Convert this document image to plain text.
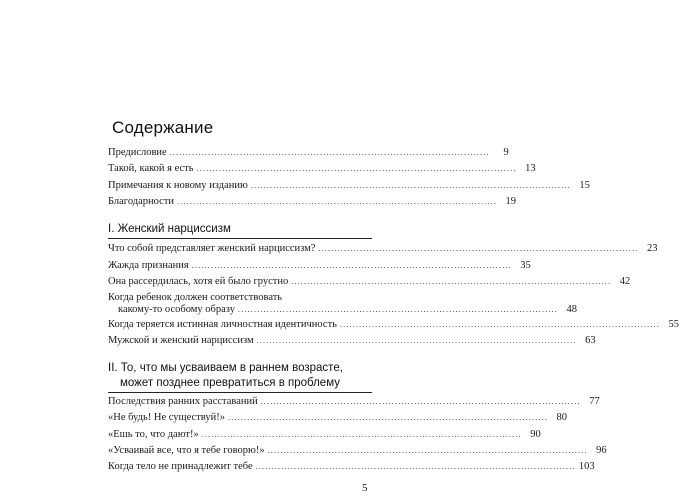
Содержание
Предисловие ....................................................................................................	9
Такой, какой я есть .................................................................................................... 13
Примечания к новому изданию .................................................................................................... 15
Благодарности .................................................................................................... 19
I. Женский нарциссизм
Что собой представляет женский нарциссизм? .................................................................................................... 23
Жажда признания .................................................................................................... 35
Она рассердилась, хотя ей было грустно .................................................................................................... 42
Когда ребенок должен соответствовать
какому-то особому образу .................................................................................................... 48
Когда теряется истинная личностная идентичность .................................................................................................... 55
Мужской и женский нарциссизм .................................................................................................... 63
II. То, что мы усваиваем в раннем возрасте,
может позднее превратиться в проблему
Последствия ранних расставаний .................................................................................................... 77
«Не будь! Не существуй!» .................................................................................................... 80
«Ешь то, что дают!» .................................................................................................... 90
«Усваивай все, что я тебе говорю!» .................................................................................................... 96
Когда тело не принадлежит тебе .................................................................................................... 103
5
